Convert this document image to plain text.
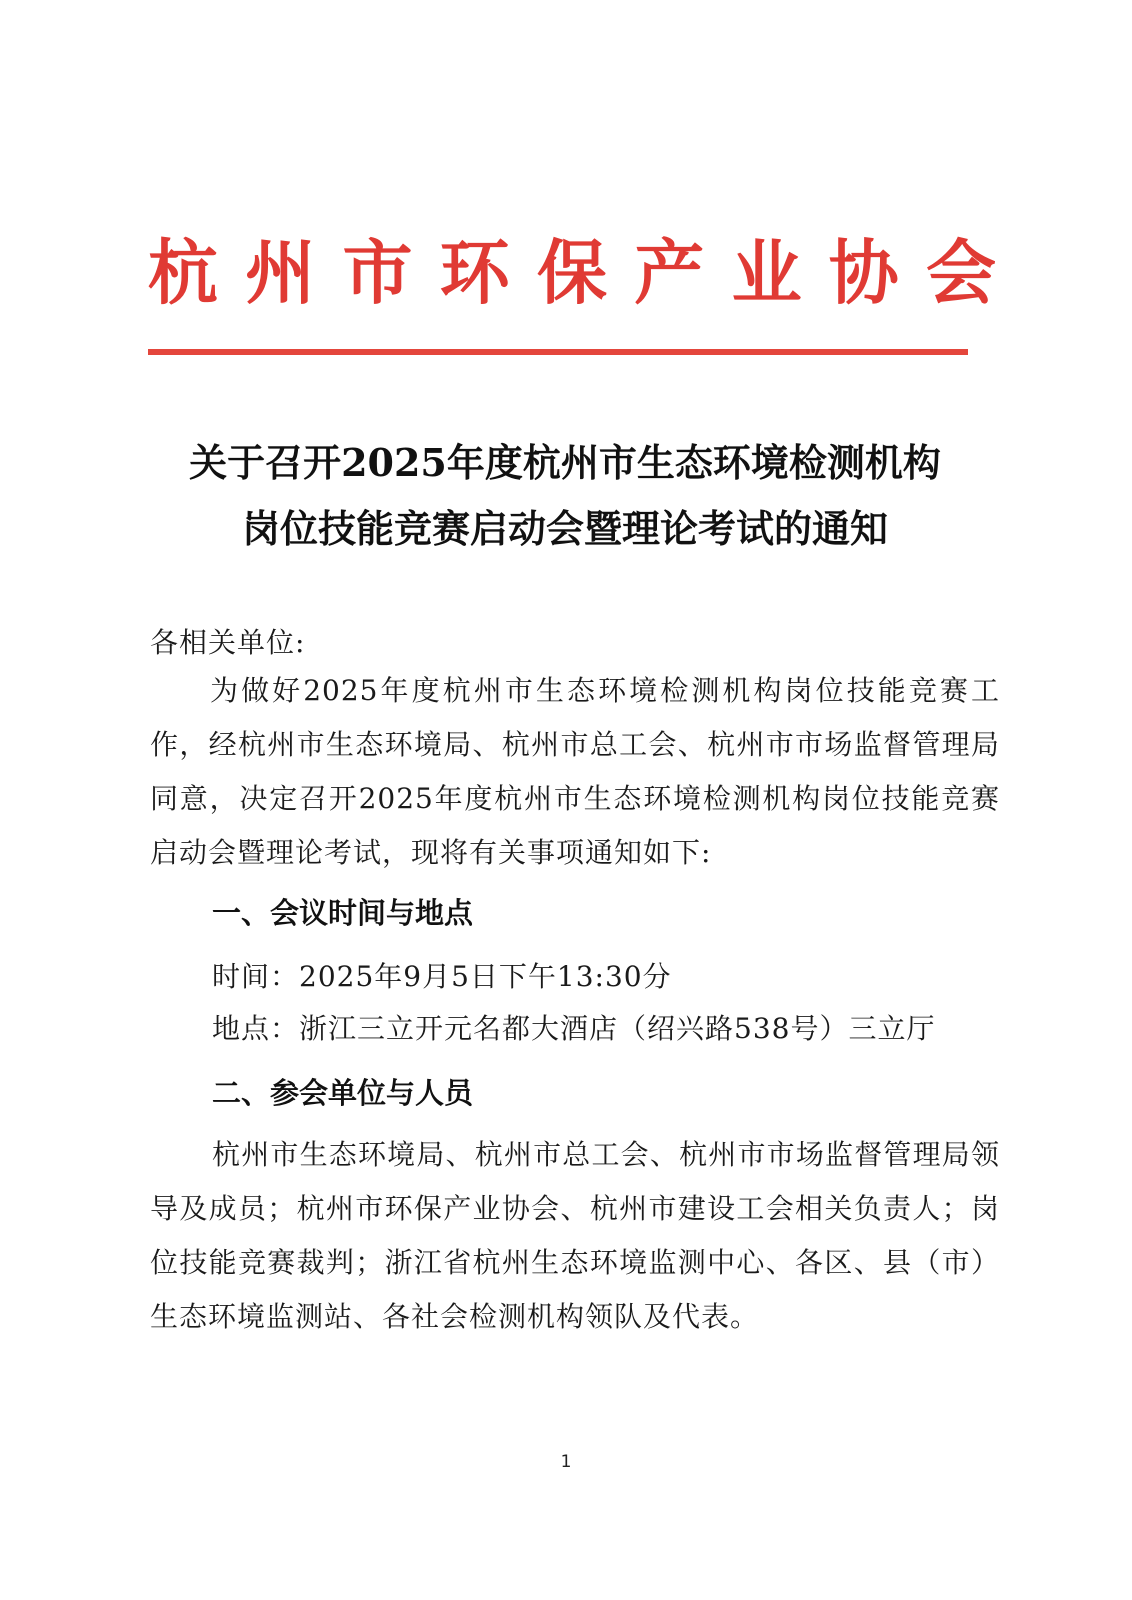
杭 州 市 环 保 产 业 协 会
关于召开2025年度杭州市生态环境检测机构
岗位技能竞赛启动会暨理论考试的通知
各相关单位:
为做好2025年度杭州市生态环境检测机构岗位技能竞赛工作，经杭州市生态环境局、杭州市总工会、杭州市市场监督管理局同意，决定召开2025年度杭州市生态环境检测机构岗位技能竞赛启动会暨理论考试，现将有关事项通知如下:
一、会议时间与地点
时间：2025年9月5日下午13:30分
地点：浙江三立开元名都大酒店（绍兴路538号）三立厅
二、参会单位与人员
杭州市生态环境局、杭州市总工会、杭州市市场监督管理局领导及成员；杭州市环保产业协会、杭州市建设工会相关负责人；岗位技能竞赛裁判；浙江省杭州生态环境监测中心、各区、县（市）生态环境监测站、各社会检测机构领队及代表。
1
